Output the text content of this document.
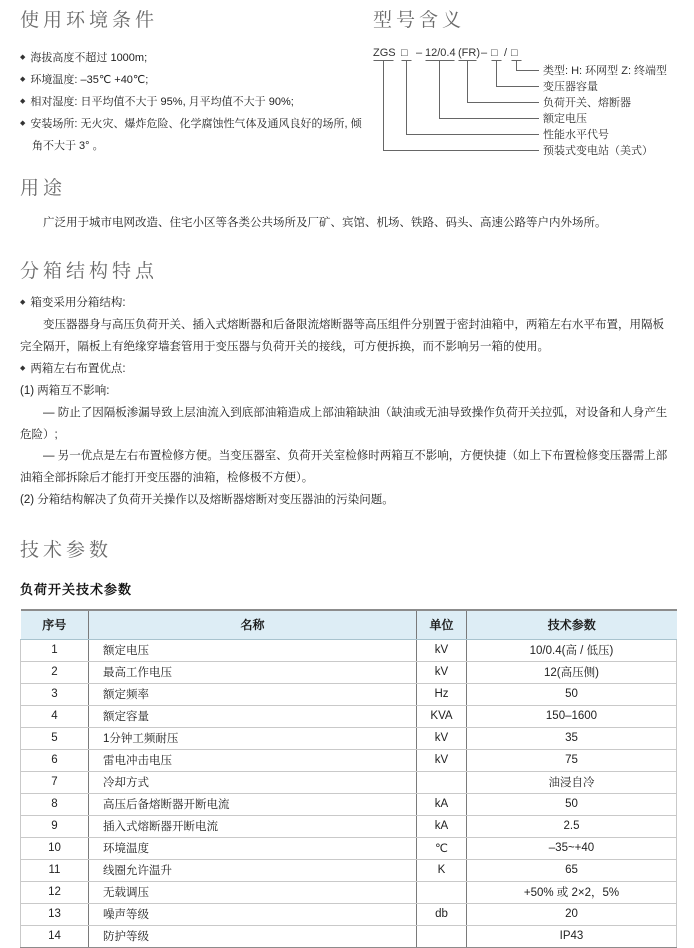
使用环境条件
◆ 海拔高度不超过 1000m;
◆ 环境温度: –35℃ +40℃;
◆ 相对湿度: 日平均值不大于 95%, 月平均值不大于 90%;
◆ 安装场所: 无火灾、爆炸危险、化学腐蚀性气体及通风良好的场所, 倾角不大于 3° 。
型号含义
ZGS □ – 12/0.4 (FR) – □ / □
类型: H: 环网型 Z: 终端型
变压器容量
负荷开关、熔断器
额定电压
性能水平代号
预装式变电站（美式）
用途

广泛用于城市电网改造、住宅小区等各类公共场所及厂矿、宾馆、机场、铁路、码头、高速公路等户内外场所。

分箱结构特点
◆ 箱变采用分箱结构:
变压器器身与高压负荷开关、插入式熔断器和后备限流熔断器等高压组件分别置于密封油箱中，两箱左右水平布置，用隔板完全隔开，隔板上有绝缘穿墙套管用于变压器与负荷开关的接线，可方便拆换，而不影响另一箱的使用。
◆ 两箱左右布置优点:
(1) 两箱互不影响:
— 防止了因隔板渗漏导致上层油流入到底部油箱造成上部油箱缺油（缺油或无油导致操作负荷开关拉弧，对设备和人身产生危险）;
— 另一优点是左右布置检修方便。当变压器室、负荷开关室检修时两箱互不影响，方便快捷（如上下布置检修变压器需上部油箱全部拆除后才能打开变压器的油箱，检修极不方便）。
(2) 分箱结构解决了负荷开关操作以及熔断器熔断对变压器油的污染问题。
技术参数
负荷开关技术参数
序号	名称	单位	技术参数
1	额定电压	kV	10/0.4(高 / 低压)
2	最高工作电压	kV	12(高压侧)
3	额定频率	Hz	50
4	额定容量	KVA	150–1600
5	1分钟工频耐压	kV	35
6	雷电冲击电压	kV	75
7	冷却方式		油浸自冷
8	高压后备熔断器开断电流	kA	50
9	插入式熔断器开断电流	kA	2.5
10	环境温度	℃	–35~+40
11	线圈允许温升	K	65
12	无载调压		+50% 或 2×2，5%
13	噪声等级	db	20
14	防护等级		IP43
